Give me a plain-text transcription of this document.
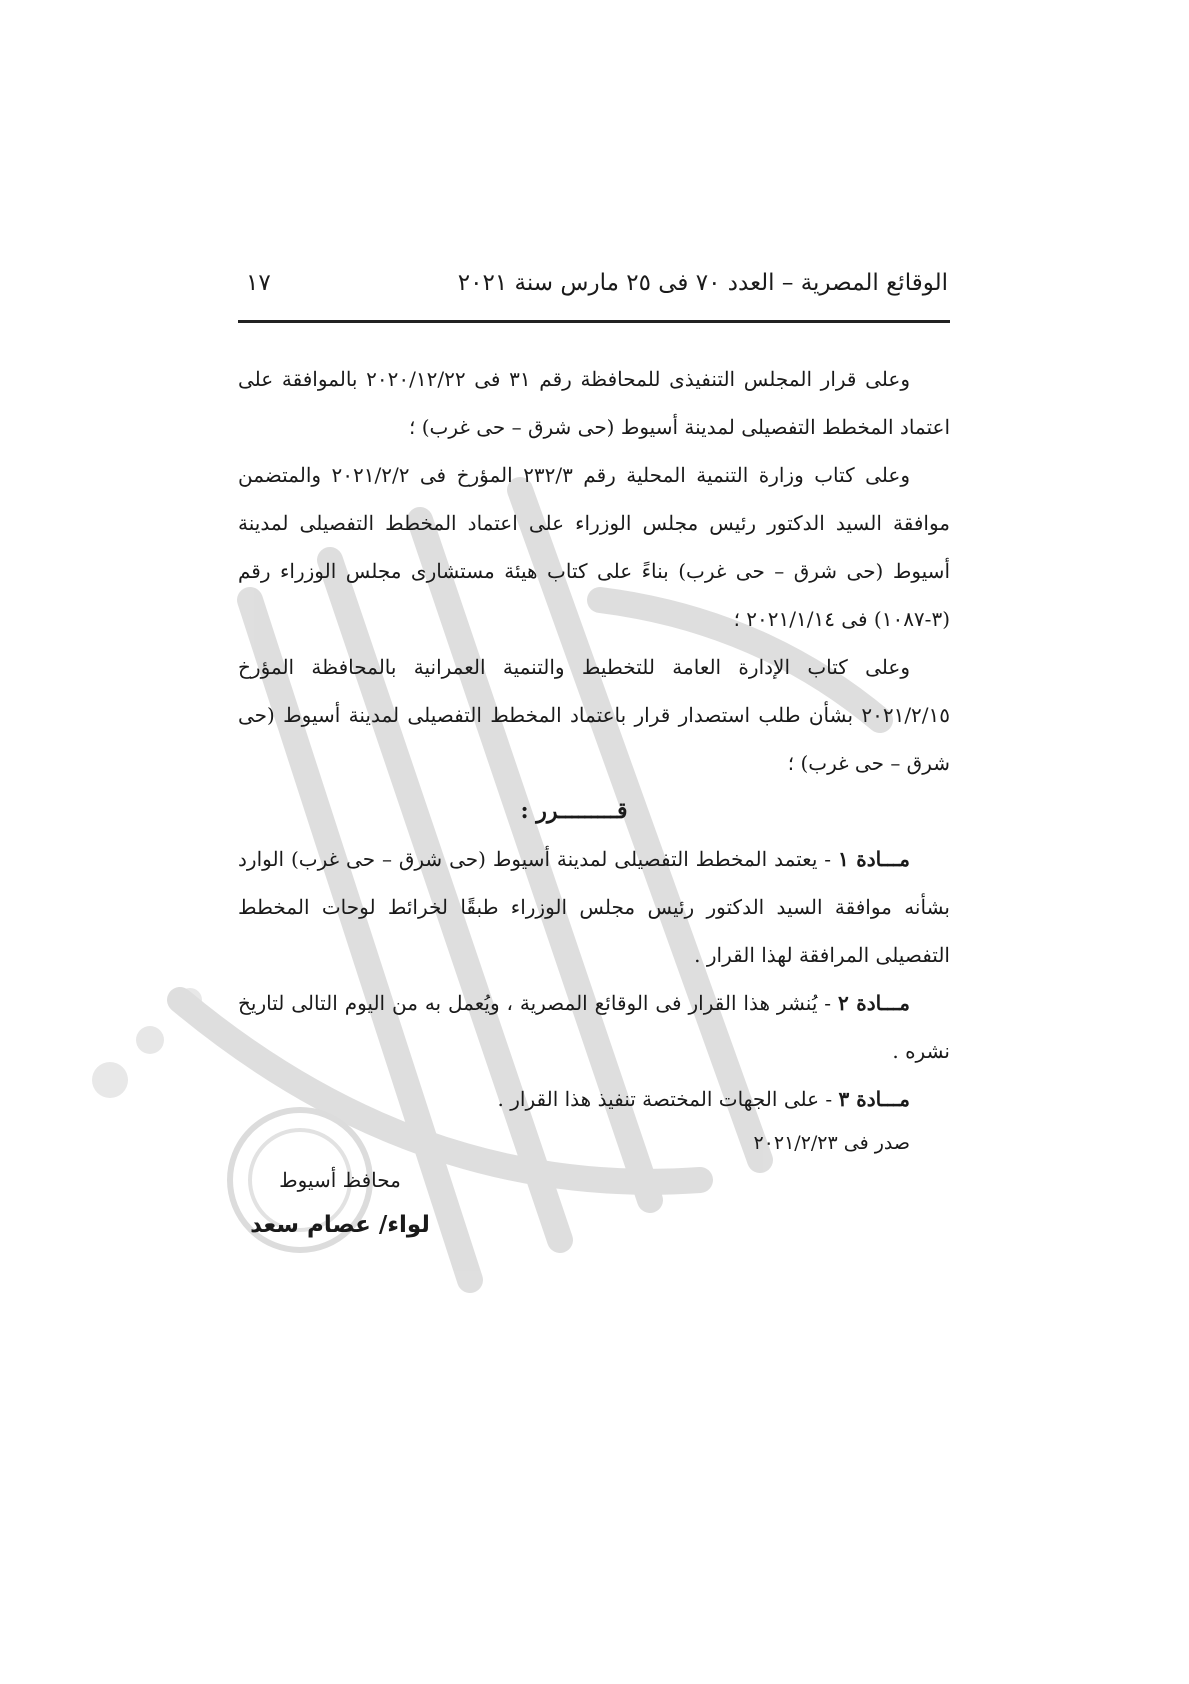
الوقائع المصرية – العدد ٧٠ فى ٢٥ مارس سنة ٢٠٢١
١٧

وعلى قرار المجلس التنفيذى للمحافظة رقم ٣١ فى ٢٠٢٠/١٢/٢٢ بالموافقة على اعتماد المخطط التفصيلى لمدينة أسيوط (حى شرق – حى غرب) ؛

وعلى كتاب وزارة التنمية المحلية رقم ٢٣٢/٣ المؤرخ فى ٢٠٢١/٢/٢ والمتضمن موافقة السيد الدكتور رئيس مجلس الوزراء على اعتماد المخطط التفصيلى لمدينة أسيوط (حى شرق – حى غرب) بناءً على كتاب هيئة مستشارى مجلس الوزراء رقم (٣-١٠٨٧) فى ٢٠٢١/١/١٤ ؛

وعلى كتاب الإدارة العامة للتخطيط والتنمية العمرانية بالمحافظة المؤرخ ٢٠٢١/٢/١٥ بشأن طلب استصدار قرار باعتماد المخطط التفصيلى لمدينة أسيوط (حى شرق – حى غرب) ؛

قـــــــــرر :

مـــادة ١ - يعتمد المخطط التفصيلى لمدينة أسيوط (حى شرق – حى غرب) الوارد بشأنه موافقة السيد الدكتور رئيس مجلس الوزراء طبقًا لخرائط لوحات المخطط التفصيلى المرافقة لهذا القرار .

مـــادة ٢ - يُنشر هذا القرار فى الوقائع المصرية ، ويُعمل به من اليوم التالى لتاريخ نشره .

مـــادة ٣ - على الجهات المختصة تنفيذ هذا القرار .

صدر فى ٢٠٢١/٢/٢٣

محافظ أسيوط
لواء/ عصام سعد
